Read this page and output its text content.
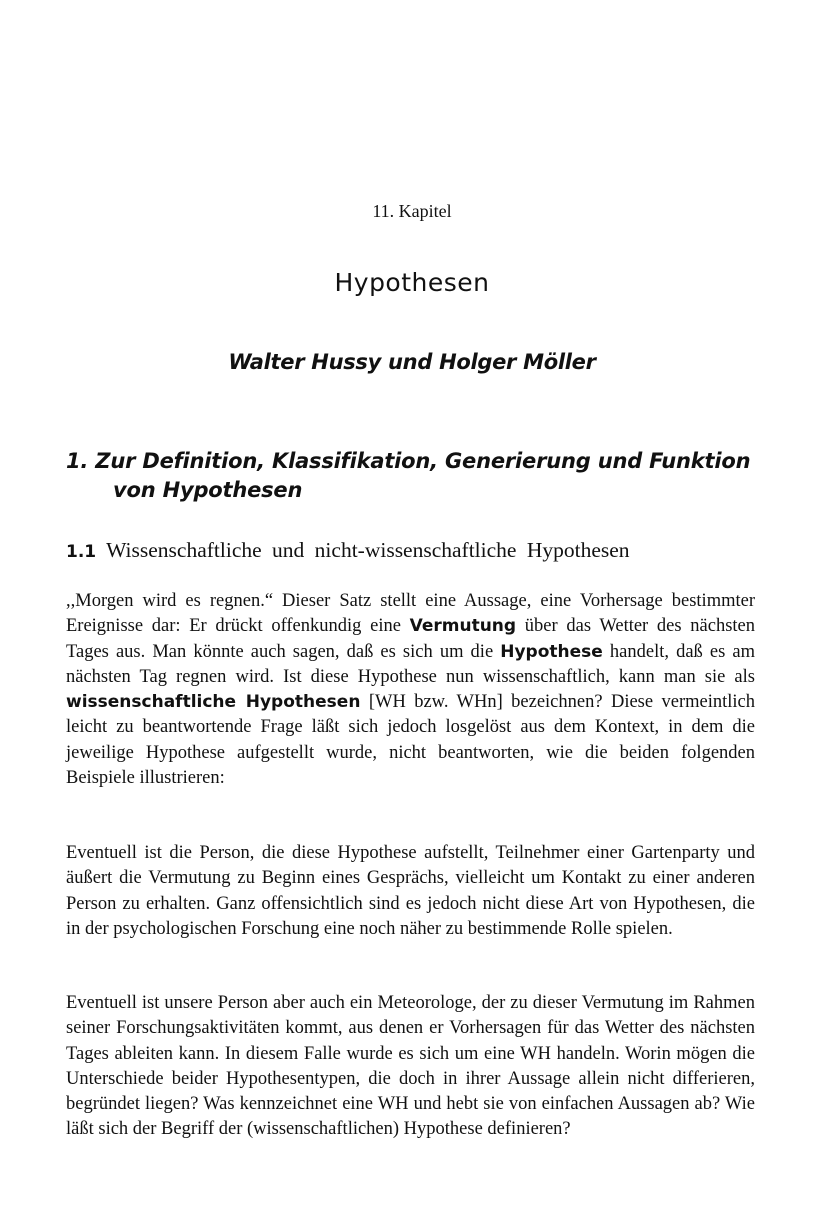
11. Kapitel
Hypothesen
Walter Hussy und Holger Möller
1. Zur Definition, Klassifikation, Generierung und Funktion
von Hypothesen
1.1 Wissenschaftliche und nicht-wissenschaftliche Hypothesen

,,Morgen wird es regnen.“ Dieser Satz stellt eine Aussage, eine Vorhersage bestimmter Ereignisse dar: Er drückt offenkundig eine Vermutung über das Wetter des nächsten Tages aus. Man könnte auch sagen, daß es sich um die Hypothese handelt, daß es am nächsten Tag regnen wird. Ist diese Hypothese nun wissenschaftlich, kann man sie als wissenschaftliche Hypothesen [WH bzw. WHn] bezeichnen? Diese vermeintlich leicht zu beantwortende Frage läßt sich jedoch losgelöst aus dem Kontext, in dem die jeweilige Hypothese aufgestellt wurde, nicht beantworten, wie die beiden folgenden Beispiele illustrieren:

Eventuell ist die Person, die diese Hypothese aufstellt, Teilnehmer einer Gartenparty und äußert die Vermutung zu Beginn eines Gesprächs, vielleicht um Kontakt zu einer anderen Person zu erhalten. Ganz offensichtlich sind es jedoch nicht diese Art von Hypothesen, die in der psychologischen Forschung eine noch näher zu bestimmende Rolle spielen.

Eventuell ist unsere Person aber auch ein Meteorologe, der zu dieser Vermutung im Rahmen seiner Forschungsaktivitäten kommt, aus denen er Vorhersagen für das Wetter des nächsten Tages ableiten kann. In diesem Falle wurde es sich um eine WH handeln. Worin mögen die Unterschiede beider Hypothesentypen, die doch in ihrer Aussage allein nicht differieren, begründet liegen? Was kennzeichnet eine WH und hebt sie von einfachen Aussagen ab? Wie läßt sich der Begriff der (wissenschaftlichen) Hypothese definieren?
